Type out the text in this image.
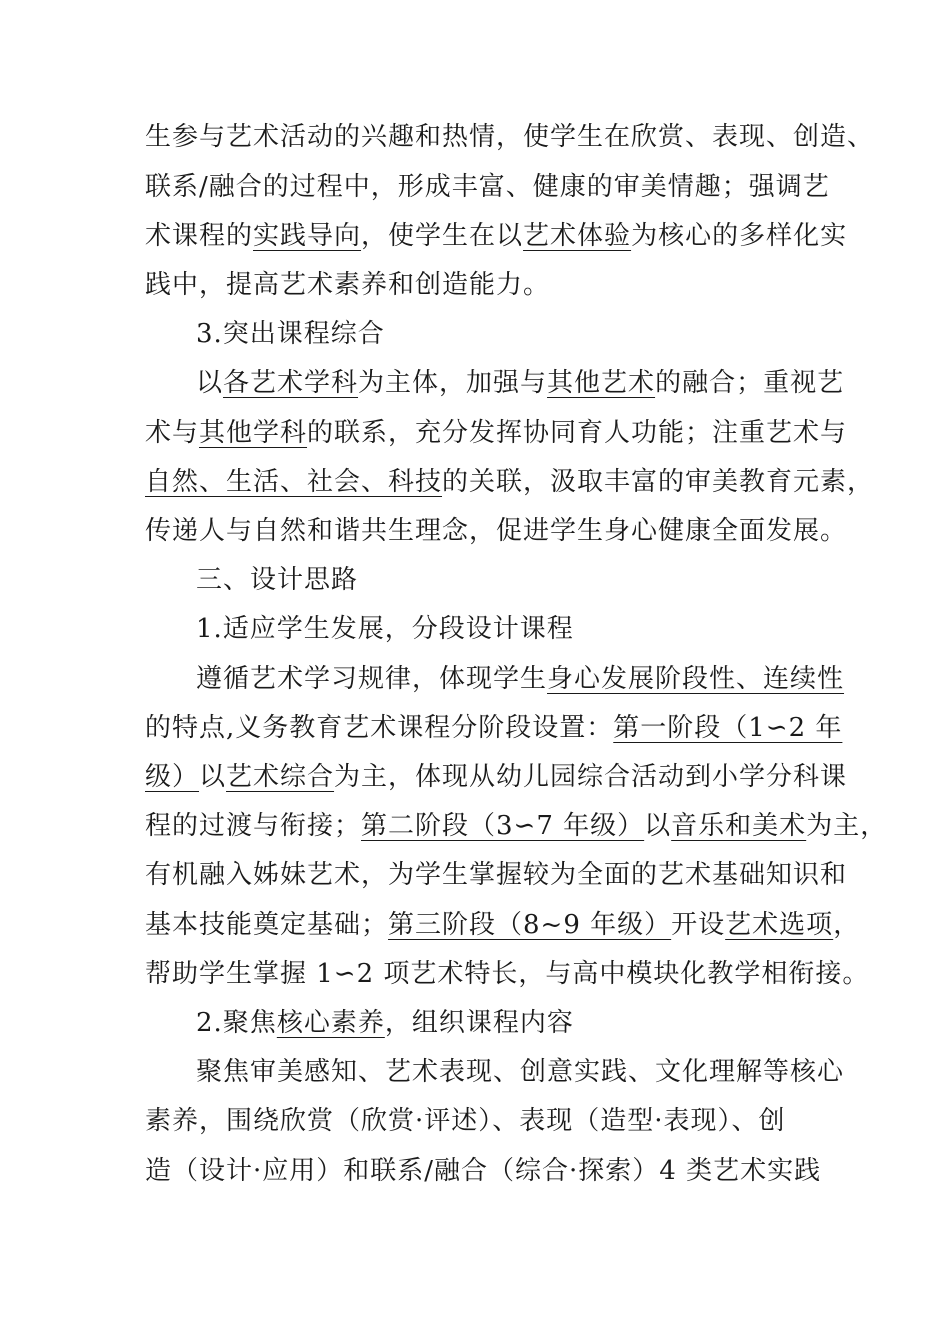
生参与艺术活动的兴趣和热情，使学生在欣赏、表现、创造、
联系/融合的过程中，形成丰富、健康的审美情趣；强调艺
术课程的实践导向，使学生在以艺术体验为核心的多样化实
践中，提高艺术素养和创造能力。
3.突出课程综合
以各艺术学科为主体，加强与其他艺术的融合；重视艺
术与其他学科的联系，充分发挥协同育人功能；注重艺术与
自然、生活、社会、科技的关联，汲取丰富的审美教育元素，
传递人与自然和谐共生理念，促进学生身心健康全面发展。
三、设计思路
1.适应学生发展，分段设计课程
遵循艺术学习规律，体现学生身心发展阶段性、连续性
的特点,义务教育艺术课程分阶段设置：第一阶段（1∽2 年
级）以艺术综合为主，体现从幼儿园综合活动到小学分科课
程的过渡与衔接；第二阶段（3∽7 年级）以音乐和美术为主，
有机融入姊妹艺术，为学生掌握较为全面的艺术基础知识和
基本技能奠定基础；第三阶段（8~9 年级）开设艺术选项，
帮助学生掌握 1∽2 项艺术特长，与高中模块化教学相衔接。
2.聚焦核心素养，组织课程内容
聚焦审美感知、艺术表现、创意实践、文化理解等核心
素养，围绕欣赏（欣赏·评述）、表现（造型·表现）、创
造（设计·应用）和联系/融合（综合·探索）4 类艺术实践
